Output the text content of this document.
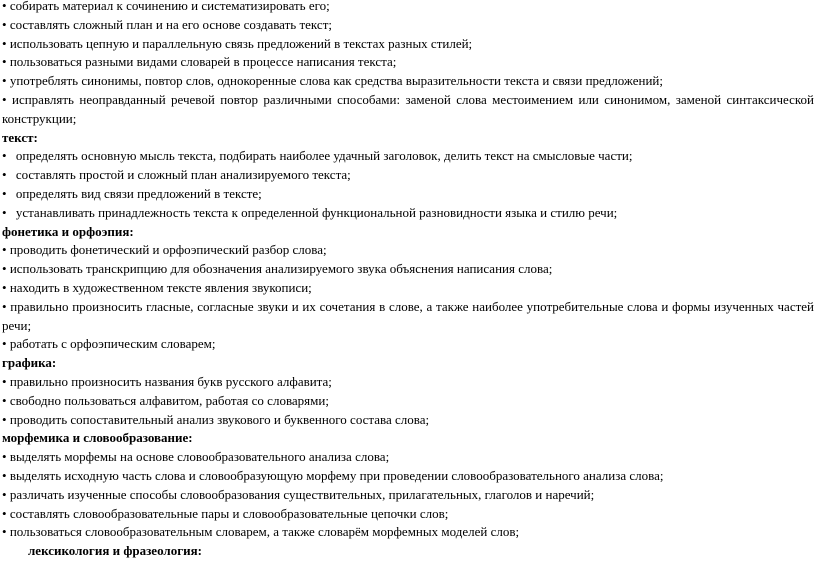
• собирать материал к сочинению и систематизировать его;

• составлять сложный план и на его основе создавать текст;

• использовать цепную и параллельную связь предложений в текстах разных стилей;

• пользоваться разными видами словарей в процессе написания текста;

• употреблять синонимы, повтор слов, однокоренные слова как средства выразительности текста и связи предложений;

• исправлять неоправданный речевой повтор различными способами: заменой слова местоимением или синонимом, заменой синтаксической конструкции;

текст:

• определять основную мысль текста, подбирать наиболее удачный заголовок, делить текст на смысловые части;

• составлять простой и сложный план анализируемого текста;

• определять вид связи предложений в тексте;

• устанавливать принадлежность текста к определенной функциональной разновидности языка и стилю речи;

фонетика и орфоэпия:

• проводить фонетический и орфоэпический разбор слова;

• использовать транскрипцию для обозначения анализируемого звука объяснения написания слова;

• находить в художественном тексте явления звукописи;

• правильно произносить гласные, согласные звуки и их сочетания в слове, а также наиболее употребительные слова и формы изученных частей речи;

• работать с орфоэпическим словарем;

графика:

• правильно произносить названия букв русского алфавита;

• свободно пользоваться алфавитом, работая со словарями;

• проводить сопоставительный анализ звукового и буквенного состава слова;

морфемика и словообразование:

• выделять морфемы на основе словообразовательного анализа слова;

• выделять исходную часть слова и словообразующую морфему при проведении словообразовательного анализа слова;

• различать изученные способы словообразования существительных, прилагательных, глаголов и наречий;

• составлять словообразовательные пары и словообразовательные цепочки слов;

• пользоваться словообразовательным словарем, а также словарём морфемных моделей слов;

лексикология и фразеология:
